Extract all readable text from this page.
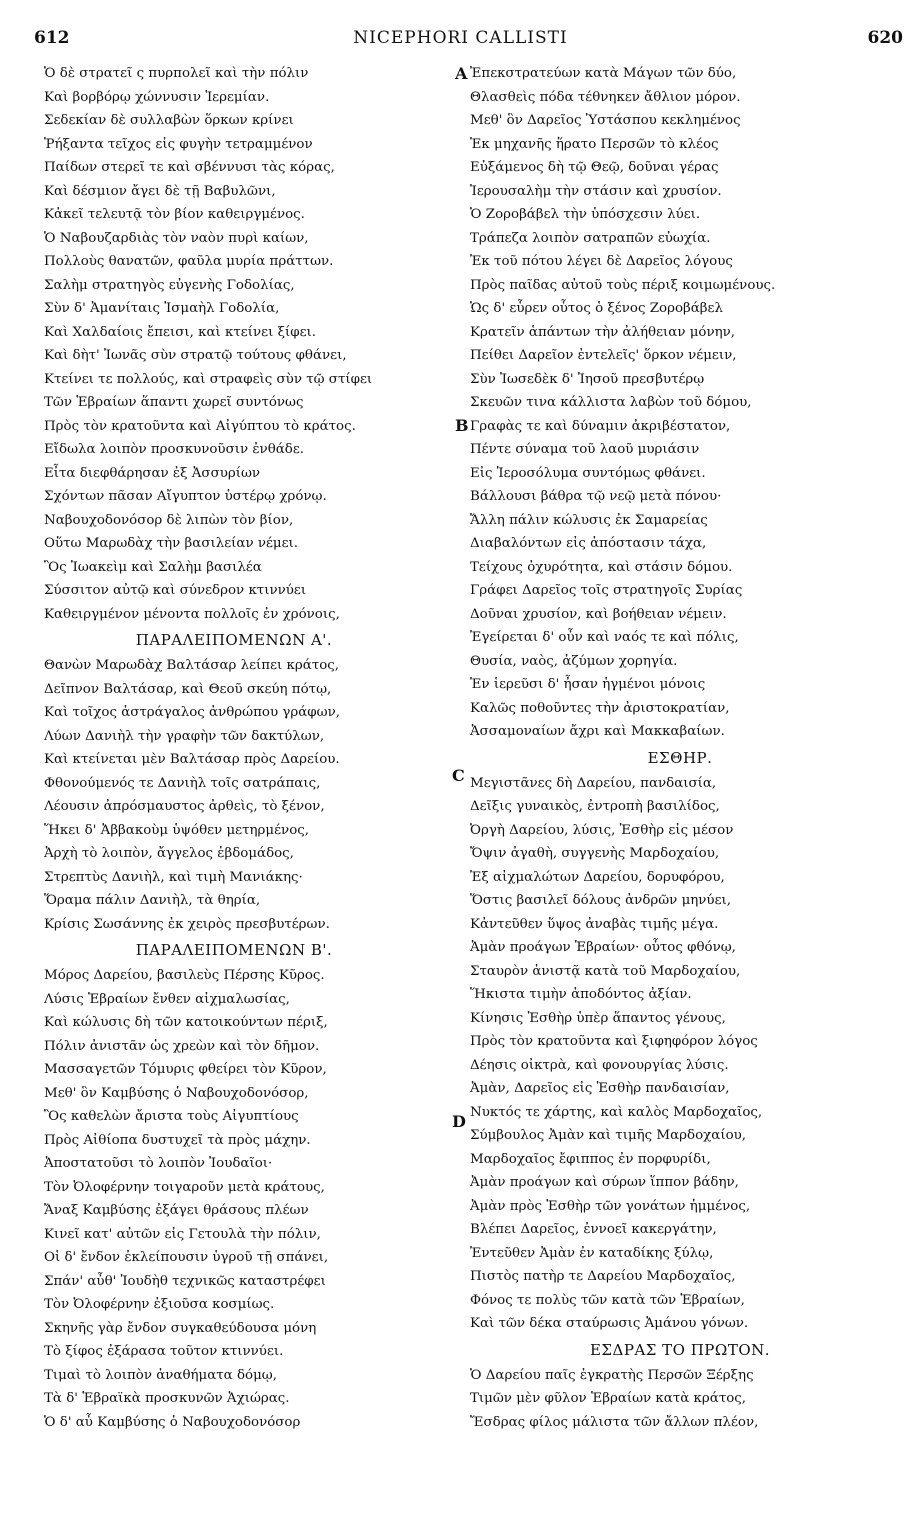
612	NICEPHORI CALLISTI	620
A
B
C
D
Ὁ δὲ στρατεῖ ς πυρπολεῖ καὶ τὴν πόλιν
Καὶ βορβόρῳ χώννυσιν Ἱερεμίαν.
Σεδεκίαν δὲ συλλαβὼν ὅρκων κρίνει
Ῥήξαντα τεῖχος εἰς φυγὴν τετραμμένον
Παίδων στερεῖ τε καὶ σβέννυσι τὰς κόρας,
Καὶ δέσμιον ἄγει δὲ τῇ Βαβυλῶνι,
Κἀκεῖ τελευτᾷ τὸν βίον καθειργμένος.
Ὁ Ναβουζαρδιὰς τὸν ναὸν πυρὶ καίων,
Πολλοὺς θανατῶν, φαῦλα μυρία πράττων.
Σαλὴμ στρατηγὸς εὐγενὴς Γοδολίας,
Σὺν δ' Ἀμανίταις Ἰσμαὴλ Γοδολία,
Καὶ Χαλδαίοις ἔπεισι, καὶ κτείνει ξίφει.
Καὶ δὴτ' Ἰωνᾶς σὺν στρατῷ τούτους φθάνει,
Κτείνει τε πολλούς, καὶ στραφεὶς σὺν τῷ στίφει
Τῶν Ἑβραίων ἅπαντι χωρεῖ συντόνως
Πρὸς τὸν κρατοῦντα καὶ Αἰγύπτου τὸ κράτος.
Εἴδωλα λοιπὸν προσκυνοῦσιν ἐνθάδε.
Εἶτα διεφθάρησαν ἐξ Ἀσσυρίων
Σχόντων πᾶσαν Αἴγυπτον ὑστέρῳ χρόνῳ.
Ναβουχοδονόσορ δὲ λιπὼν τὸν βίον,
Οὕτω Μαρωδὰχ τὴν βασιλείαν νέμει.
Ὃς Ἰωακεὶμ καὶ Σαλὴμ βασιλέα
Σύσσιτον αὐτῷ καὶ σύνεδρον κτιννύει
Καθειργμένον μένοντα πολλοῖς ἐν χρόνοις,
ΠΑΡΑΛΕΙΠΟΜΕΝΩΝ Α'.
Θανὼν Μαρωδὰχ Βαλτάσαρ λείπει κράτος,
Δεῖπνον Βαλτάσαρ, καὶ Θεοῦ σκεύη πότῳ,
Καὶ τοῖχος ἀστράγαλος ἀνθρώπου γράφων,
Λύων Δανιὴλ τὴν γραφὴν τῶν δακτύλων,
Καὶ κτείνεται μὲν Βαλτάσαρ πρὸς Δαρείου.
Φθονούμενός τε Δανιὴλ τοῖς σατράπαις,
Λέουσιν ἀπρόσμαυστος ἀρθεὶς, τὸ ξένον,
Ἥκει δ' Ἀββακοὺμ ὑψόθεν μετηρμένος,
Ἀρχὴ τὸ λοιπὸν, ἄγγελος ἑβδομάδος,
Στρεπτὺς Δανιὴλ, καὶ τιμὴ Μανιάκης·
Ὅραμα πάλιν Δανιὴλ, τὰ θηρία,
Κρίσις Σωσάννης ἐκ χειρὸς πρεσβυτέρων.
ΠΑΡΑΛΕΙΠΟΜΕΝΩΝ Β'.
Μόρος Δαρείου, βασιλεὺς Πέρσης Κῦρος.
Λύσις Ἑβραίων ἔνθεν αἰχμαλωσίας,
Καὶ κώλυσις δὴ τῶν κατοικούντων πέριξ,
Πόλιν ἀνιστᾶν ὡς χρεὼν καὶ τὸν δῆμον.
Μασσαγετῶν Τόμυρις φθείρει τὸν Κῦρον,
Μεθ' ὃν Καμβύσης ὁ Ναβουχοδονόσορ,
Ὃς καθελὼν ἄριστα τοὺς Αἰγυπτίους
Πρὸς Αἰθίοπα δυστυχεῖ τὰ πρὸς μάχην.
Ἀποστατοῦσι τὸ λοιπὸν Ἰουδαῖοι·
Τὸν Ὀλοφέρνην τοιγαροῦν μετὰ κράτους,
Ἄναξ Καμβύσης ἐξάγει θράσους πλέων
Κινεῖ κατ' αὐτῶν εἰς Γετουλὰ τὴν πόλιν,
Οἱ δ' ἔνδον ἐκλείπουσιν ὑγροῦ τῇ σπάνει,
Σπάν' αὖθ' Ἰουδὴθ τεχνικῶς καταστρέφει
Τὸν Ὀλοφέρνην ἐξιοῦσα κοσμίως.
Σκηνῆς γὰρ ἔνδον συγκαθεύδουσα μόνη
Τὸ ξίφος ἐξάρασα τοῦτον κτιννύει.
Τιμαὶ τὸ λοιπὸν ἀναθήματα δόμῳ,
Τὰ δ' Ἑβραϊκὰ προσκυνῶν Ἀχιώρας.
Ὁ δ' αὖ Καμβύσης ὁ Ναβουχοδονόσορ
Ἐπεκστρατεύων κατὰ Μάγων τῶν δύο,
Θλασθεὶς πόδα τέθνηκεν ἄθλιον μόρον.
Μεθ' ὃν Δαρεῖος Ὑστάσπου κεκλημένος
Ἐκ μηχανῆς ἥρατο Περσῶν τὸ κλέος
Εὐξάμενος δὴ τῷ Θεῷ, δοῦναι γέρας
Ἱερουσαλὴμ τὴν στάσιν καὶ χρυσίον.
Ὁ Ζοροβάβελ τὴν ὑπόσχεσιν λύει.
Τράπεζα λοιπὸν σατραπῶν εὐωχία.
Ἐκ τοῦ πότου λέγει δὲ Δαρεῖος λόγους
Πρὸς παῖδας αὐτοῦ τοὺς πέριξ κοιμωμένους.
Ὡς δ' εὗρεν οὗτος ὁ ξένος Ζοροβάβελ
Κρατεῖν ἁπάντων τὴν ἀλήθειαν μόνην,
Πείθει Δαρεῖον ἐντελεῖς' ὅρκον νέμειν,
Σὺν Ἰωσεδὲκ δ' Ἰησοῦ πρεσβυτέρῳ
Σκευῶν τινα κάλλιστα λαβὼν τοῦ δόμου,
Γραφὰς τε καὶ δύναμιν ἀκριβέστατον,
Πέντε σύναμα τοῦ λαοῦ μυριάσιν
Εἰς Ἱεροσόλυμα συντόμως φθάνει.
Βάλλουσι βάθρα τῷ νεῷ μετὰ πόνου·
Ἄλλη πάλιν κώλυσις ἐκ Σαμαρείας
Διαβαλόντων εἰς ἀπόστασιν τάχα,
Τείχους ὀχυρότητα, καὶ στάσιν δόμου.
Γράφει Δαρεῖος τοῖς στρατηγοῖς Συρίας
Δοῦναι χρυσίον, καὶ βοήθειαν νέμειν.
Ἐγείρεται δ' οὖν καὶ ναός τε καὶ πόλις,
Θυσία, ναὸς, ἀζύμων χορηγία.
Ἐν ἱερεῦσι δ' ἦσαν ἡγμένοι μόνοις
Καλῶς ποθοῦντες τὴν ἀριστοκρατίαν,
Ἀσσαμοναίων ἄχρι καὶ Μακκαβαίων.
ΕΣΘΗΡ.
Μεγιστᾶνες δὴ Δαρείου, πανδαισία,
Δεῖξις γυναικὸς, ἐντροπὴ βασιλίδος,
Ὀργὴ Δαρείου, λύσις, Ἐσθὴρ εἰς μέσον
Ὄψιν ἀγαθὴ, συγγενὴς Μαρδοχαίου,
Ἐξ αἰχμαλώτων Δαρείου, δορυφόρου,
Ὅστις βασιλεῖ δόλους ἀνδρῶν μηνύει,
Κἀντεῦθεν ὕψος ἀναβὰς τιμῆς μέγα.
Ἀμὰν προάγων Ἑβραίων· οὗτος φθόνῳ,
Σταυρὸν ἀνιστᾷ κατὰ τοῦ Μαρδοχαίου,
Ἥκιστα τιμὴν ἀποδόντος ἀξίαν.
Κίνησις Ἐσθὴρ ὑπὲρ ἅπαντος γένους,
Πρὸς τὸν κρατοῦντα καὶ ξιφηφόρον λόγος
Δέησις οἰκτρὰ, καὶ φονουργίας λύσις.
Ἀμὰν, Δαρεῖος εἰς Ἐσθὴρ πανδαισίαν,
Νυκτός τε χάρτης, καὶ καλὸς Μαρδοχαῖος,
Σύμβουλος Ἀμὰν καὶ τιμῆς Μαρδοχαίου,
Μαρδοχαῖος ἔφιππος ἐν πορφυρίδι,
Ἀμὰν προάγων καὶ σύρων ἵππον βάδην,
Ἀμὰν πρὸς Ἐσθὴρ τῶν γονάτων ἡμμένος,
Βλέπει Δαρεῖος, ἐννοεῖ κακεργάτην,
Ἐντεῦθεν Ἀμὰν ἐν καταδίκης ξύλῳ,
Πιστὸς πατὴρ τε Δαρείου Μαρδοχαῖος,
Φόνος τε πολὺς τῶν κατὰ τῶν Ἑβραίων,
Καὶ τῶν δέκα σταύρωσις Ἀμάνου γόνων.
ΕΣΔΡΑΣ ΤΟ ΠΡΩΤΟΝ.
Ὁ Δαρείου παῖς ἐγκρατὴς Περσῶν Ξέρξης
Τιμῶν μὲν φῦλον Ἑβραίων κατὰ κράτος,
Ἔσδρας φίλος μάλιστα τῶν ἄλλων πλέον,
